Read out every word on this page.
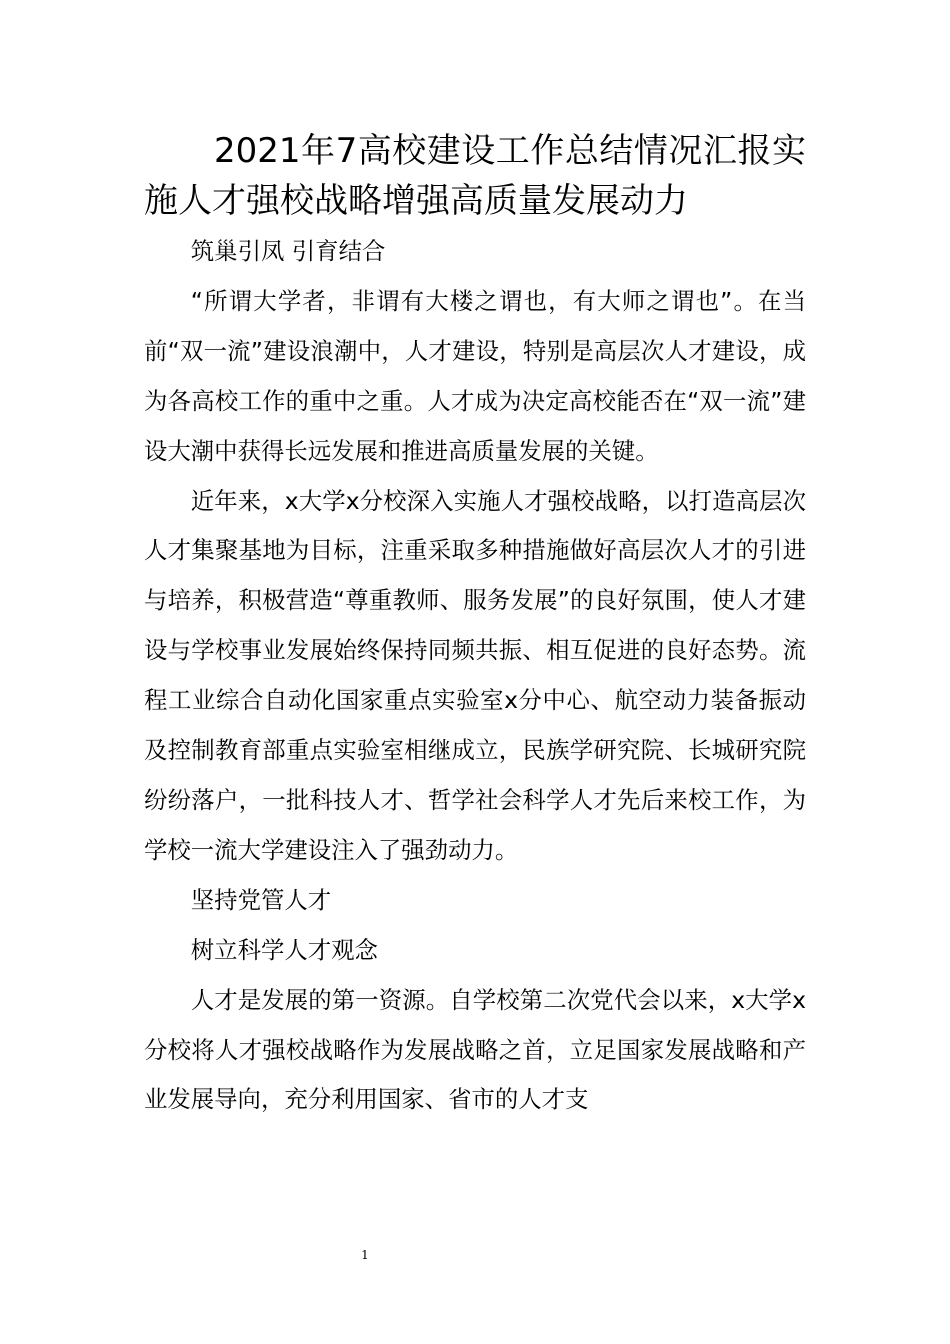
2021年7高校建设工作总结情况汇报实施人才强校战略增强高质量发展动力

筑巢引凤 引育结合

“所谓大学者，非谓有大楼之谓也，有大师之谓也”。在当前“双一流”建设浪潮中，人才建设，特别是高层次人才建设，成为各高校工作的重中之重。人才成为决定高校能否在“双一流”建设大潮中获得长远发展和推进高质量发展的关键。

近年来，x大学x分校深入实施人才强校战略，以打造高层次人才集聚基地为目标，注重采取多种措施做好高层次人才的引进与培养，积极营造“尊重教师、服务发展”的良好氛围，使人才建设与学校事业发展始终保持同频共振、相互促进的良好态势。流程工业综合自动化国家重点实验室x分中心、航空动力装备振动及控制教育部重点实验室相继成立，民族学研究院、长城研究院纷纷落户，一批科技人才、哲学社会科学人才先后来校工作，为学校一流大学建设注入了强劲动力。

坚持党管人才

树立科学人才观念

人才是发展的第一资源。自学校第二次党代会以来，x大学x分校将人才强校战略作为发展战略之首，立足国家发展战略和产业发展导向，充分利用国家、省市的人才支

1
